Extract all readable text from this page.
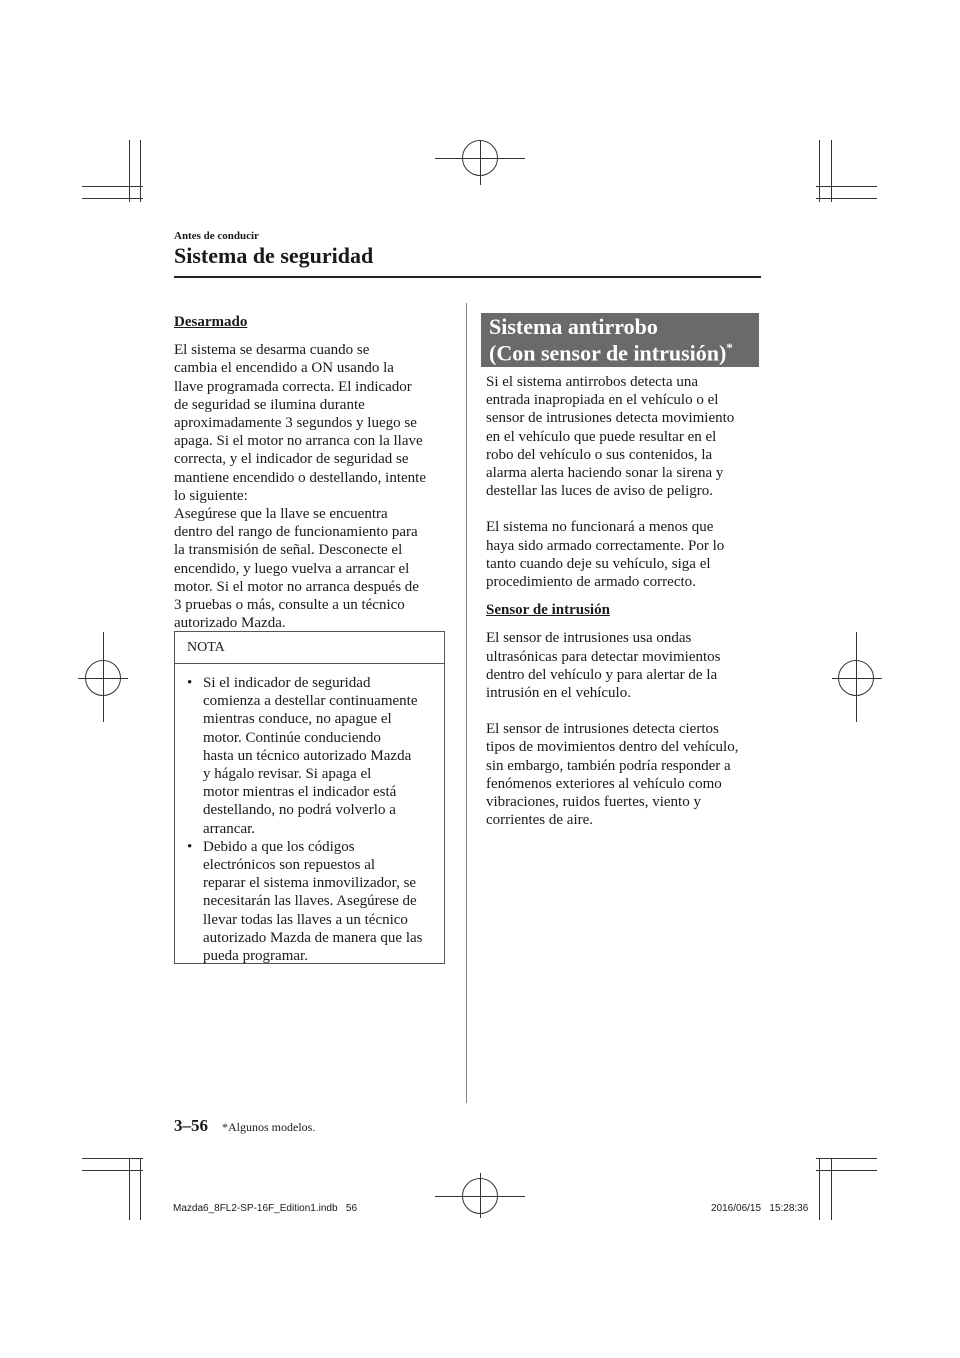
Antes de conducir
Sistema de seguridad

Desarmado

El sistema se desarma cuando se
cambia el encendido a ON usando la
llave programada correcta. El indicador
de seguridad se ilumina durante
aproximadamente 3 segundos y luego se
apaga. Si el motor no arranca con la llave
correcta, y el indicador de seguridad se
mantiene encendido o destellando, intente
lo siguiente:
Asegúrese que la llave se encuentra
dentro del rango de funcionamiento para
la transmisión de señal. Desconecte el
encendido, y luego vuelva a arrancar el
motor. Si el motor no arranca después de
3 pruebas o más, consulte a un técnico
autorizado Mazda.
NOTA
• Si el indicador de seguridad
comienza a destellar continuamente
mientras conduce, no apague el
motor. Continúe conduciendo
hasta un técnico autorizado Mazda
y hágalo revisar. Si apaga el
motor mientras el indicador está
destellando, no podrá volverlo a
arrancar.
• Debido a que los códigos
electrónicos son repuestos al
reparar el sistema inmovilizador, se
necesitarán las llaves. Asegúrese de
llevar todas las llaves a un técnico
autorizado Mazda de manera que las
pueda programar.
Sistema antirrobo
(Con sensor de intrusión)*
Si el sistema antirrobos detecta una
entrada inapropiada en el vehículo o el
sensor de intrusiones detecta movimiento
en el vehículo que puede resultar en el
robo del vehículo o sus contenidos, la
alarma alerta haciendo sonar la sirena y
destellar las luces de aviso de peligro.
El sistema no funcionará a menos que
haya sido armado correctamente. Por lo
tanto cuando deje su vehículo, siga el
procedimiento de armado correcto.

Sensor de intrusión

El sensor de intrusiones usa ondas
ultrasónicas para detectar movimientos
dentro del vehículo y para alertar de la
intrusión en el vehículo.
El sensor de intrusiones detecta ciertos
tipos de movimientos dentro del vehículo,
sin embargo, también podría responder a
fenómenos exteriores al vehículo como
vibraciones, ruidos fuertes, viento y
corrientes de aire.
3–56 *Algunos modelos.
Mazda6_8FL2-SP-16F_Edition1.indb   56	2016/06/15   15:28:36
